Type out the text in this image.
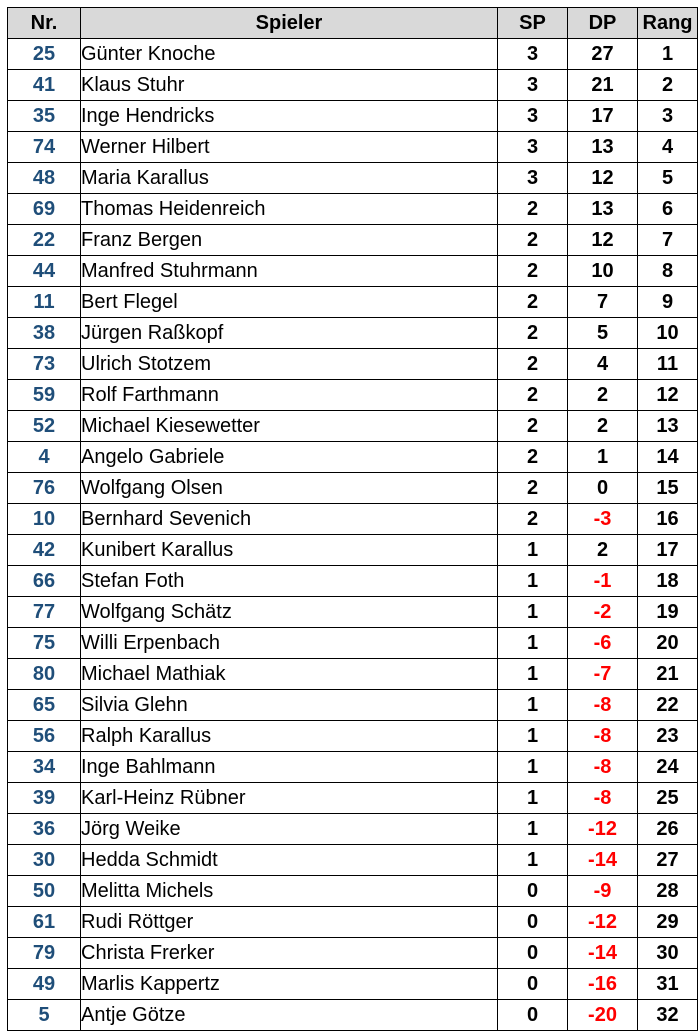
Nr.	Spieler	SP	DP	Rang
25	Günter Knoche	3	27	1
41	Klaus Stuhr	3	21	2
35	Inge Hendricks	3	17	3
74	Werner Hilbert	3	13	4
48	Maria Karallus	3	12	5
69	Thomas Heidenreich	2	13	6
22	Franz Bergen	2	12	7
44	Manfred Stuhrmann	2	10	8
11	Bert Flegel	2	7	9
38	Jürgen Raßkopf	2	5	10
73	Ulrich Stotzem	2	4	11
59	Rolf Farthmann	2	2	12
52	Michael Kiesewetter	2	2	13
4	Angelo Gabriele	2	1	14
76	Wolfgang Olsen	2	0	15
10	Bernhard Sevenich	2	-3	16
42	Kunibert Karallus	1	2	17
66	Stefan Foth	1	-1	18
77	Wolfgang Schätz	1	-2	19
75	Willi Erpenbach	1	-6	20
80	Michael Mathiak	1	-7	21
65	Silvia Glehn	1	-8	22
56	Ralph Karallus	1	-8	23
34	Inge Bahlmann	1	-8	24
39	Karl-Heinz Rübner	1	-8	25
36	Jörg Weike	1	-12	26
30	Hedda Schmidt	1	-14	27
50	Melitta Michels	0	-9	28
61	Rudi Röttger	0	-12	29
79	Christa Frerker	0	-14	30
49	Marlis Kappertz	0	-16	31
5	Antje Götze	0	-20	32
